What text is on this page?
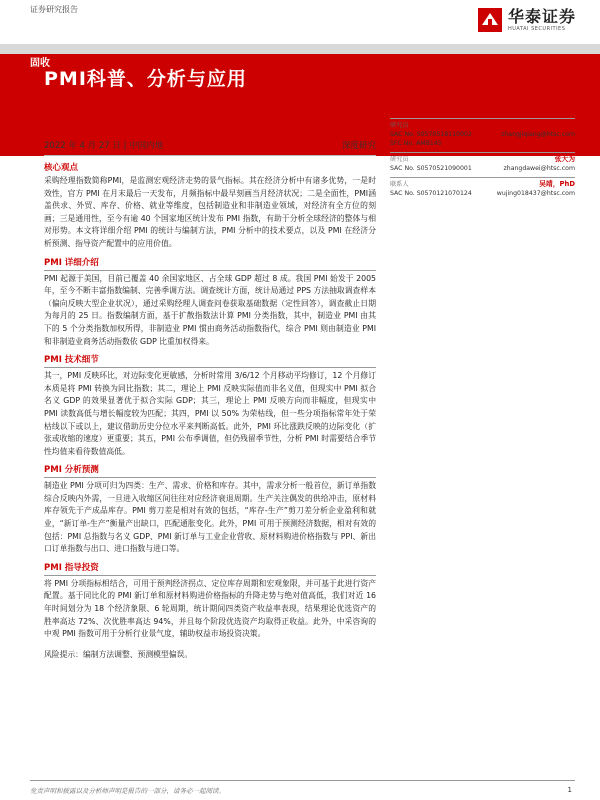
证券研究报告	华泰证券
HUATAI SECURITIES
固收
PMI科普、分析与应用
华泰研究
2022 年 4 月 27 日 | 中国内地	深度研究
核心观点
采购经理指数简称PMI，是监测宏观经济走势的景气指标。其在经济分析中有诸多优势，一是时效性，官方 PMI 在月末最后一天发布，月频指标中最早刻画当月经济状况；二是全面性，PMI涵盖供求、外贸、库存、价格、就业等维度，包括制造业和非制造业领域，对经济有全方位的刻画；三是通用性，至今有逾 40 个国家地区统计发布 PMI 指数，有助于分析全球经济的整体与相对形势。本文将详细介绍 PMI 的统计与编制方法，PMI 分析中的技术要点，以及 PMI 在经济分析预测、指导资产配置中的应用价值。
PMI 详细介绍
PMI 起源于美国，目前已覆盖 40 余国家地区、占全球 GDP 超过 8 成。我国 PMI 始发于 2005 年，至今不断丰富指数编制、完善季调方法。调查统计方面，统计局通过 PPS 方法抽取调查样本（偏向反映大型企业状况），通过采购经理人调查问卷获取基础数据（定性回答），调查截止日期为每月的 25 日。指数编制方面，基于扩散指数法计算 PMI 分类指数，其中，制造业 PMI 由其下的 5 个分类指数加权所得，非制造业 PMI 惯由商务活动指数指代，综合 PMI 则由制造业 PMI 和非制造业商务活动指数依 GDP 比重加权得来。
PMI 技术细节
其一，PMI 反映环比，对边际变化更敏感，分析时常用 3/6/12 个月移动平均修订，12 个月修订本质是将 PMI 转换为同比指数；其二，理论上 PMI 反映实际值而非名义值，但现实中 PMI 拟合名义 GDP 的效果显著优于拟合实际 GDP；其三，理论上 PMI 反映方向而非幅度，但现实中 PMI 读数高低与增长幅度较为匹配；其四，PMI 以 50% 为荣枯线，但一些分项指标常年处于荣枯线以下或以上，建议借助历史分位水平来判断高低。此外，PMI 环比涨跌反映的边际变化（扩张或收缩的速度）更重要；其五，PMI 公布季调值，但仍残留季节性，分析 PMI 时需要结合季节性均值来看待数值高低。
PMI 分析预测
制造业 PMI 分项可归为四类：生产、需求、价格和库存。其中，需求分析一般首位，新订单指数综合反映内外需，一旦进入收缩区间往往对应经济衰退周期。生产关注偶发的供给冲击，原材料库存领先于产成品库存。PMI 剪刀差是相对有效的包括，“库存-生产”剪刀差分析企业盈利和就业，“新订单-生产”衡量产出缺口，匹配通胀变化。此外，PMI 可用于预测经济数据，相对有效的包括：PMI 总指数与名义 GDP、PMI 新订单与工业企业营收、原材料购进价格指数与 PPI、新出口订单指数与出口、进口指数与进口等。
PMI 指导投资
将 PMI 分项指标相结合，可用于预判经济拐点、定位库存周期和宏观象限，并可基于此进行资产配置。基于同比化的 PMI 新订单和原材料购进价格指标的升降走势与绝对值高低，我们对近 16 年时间划分为 18 个经济象限、6 轮周期，统计期间四类资产收益率表现，结果理论优选资产的胜率高达 72%、次优胜率高达 94%，并且每个阶段优选资产均取得正收益。此外，中采咨询的中观 PMI 指数可用于分析行业景气度，辅助权益市场投资决策。
风险提示：编制方法调整、预测模型偏误。
研究员	张继强
SAC No. S0570518110002	zhangjiqiang@htsc.com
SFC No. AMB145
研究员	张大为
SAC No. S0570521090001	zhangdawei@htsc.com
联系人	吴靖，PhD
SAC No. S0570121070124	wujing018437@htsc.com
免责声明和披露以及分析师声明是报告的一部分，请务必一起阅读。	1
